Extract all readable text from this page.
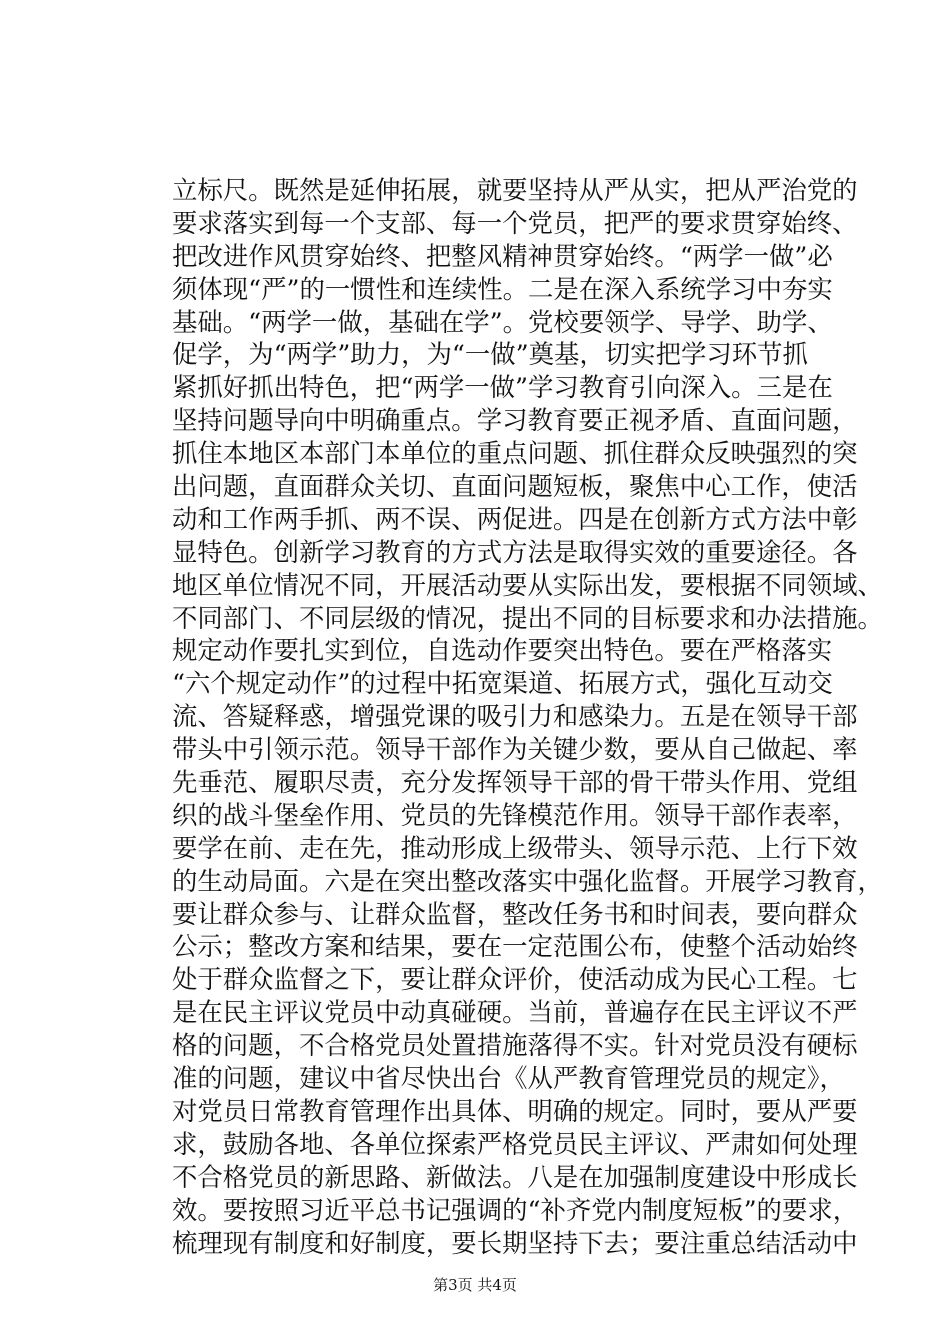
立标尺。既然是延伸拓展，就要坚持从严从实，把从严治党的
要求落实到每一个支部、每一个党员，把严的要求贯穿始终、
把改进作风贯穿始终、把整风精神贯穿始终。“两学一做”必
须体现“严”的一惯性和连续性。二是在深入系统学习中夯实
基础。“两学一做，基础在学”。党校要领学、导学、助学、
促学，为“两学”助力，为“一做”奠基，切实把学习环节抓
紧抓好抓出特色，把“两学一做”学习教育引向深入。三是在
坚持问题导向中明确重点。学习教育要正视矛盾、直面问题，
抓住本地区本部门本单位的重点问题、抓住群众反映强烈的突
出问题，直面群众关切、直面问题短板，聚焦中心工作，使活
动和工作两手抓、两不误、两促进。四是在创新方式方法中彰
显特色。创新学习教育的方式方法是取得实效的重要途径。各
地区单位情况不同，开展活动要从实际出发，要根据不同领域、
不同部门、不同层级的情况，提出不同的目标要求和办法措施。
规定动作要扎实到位，自选动作要突出特色。要在严格落实
“六个规定动作”的过程中拓宽渠道、拓展方式，强化互动交
流、答疑释惑，增强党课的吸引力和感染力。五是在领导干部
带头中引领示范。领导干部作为关键少数，要从自己做起、率
先垂范、履职尽责，充分发挥领导干部的骨干带头作用、党组
织的战斗堡垒作用、党员的先锋模范作用。领导干部作表率，
要学在前、走在先，推动形成上级带头、领导示范、上行下效
的生动局面。六是在突出整改落实中强化监督。开展学习教育，
要让群众参与、让群众监督，整改任务书和时间表，要向群众
公示；整改方案和结果，要在一定范围公布，使整个活动始终
处于群众监督之下，要让群众评价，使活动成为民心工程。七
是在民主评议党员中动真碰硬。当前，普遍存在民主评议不严
格的问题，不合格党员处置措施落得不实。针对党员没有硬标
准的问题，建议中省尽快出台《从严教育管理党员的规定》，
对党员日常教育管理作出具体、明确的规定。同时，要从严要
求，鼓励各地、各单位探索严格党员民主评议、严肃如何处理
不合格党员的新思路、新做法。八是在加强制度建设中形成长
效。要按照习近平总书记强调的“补齐党内制度短板”的要求，
梳理现有制度和好制度，要长期坚持下去；要注重总结活动中
第3页 共4页
